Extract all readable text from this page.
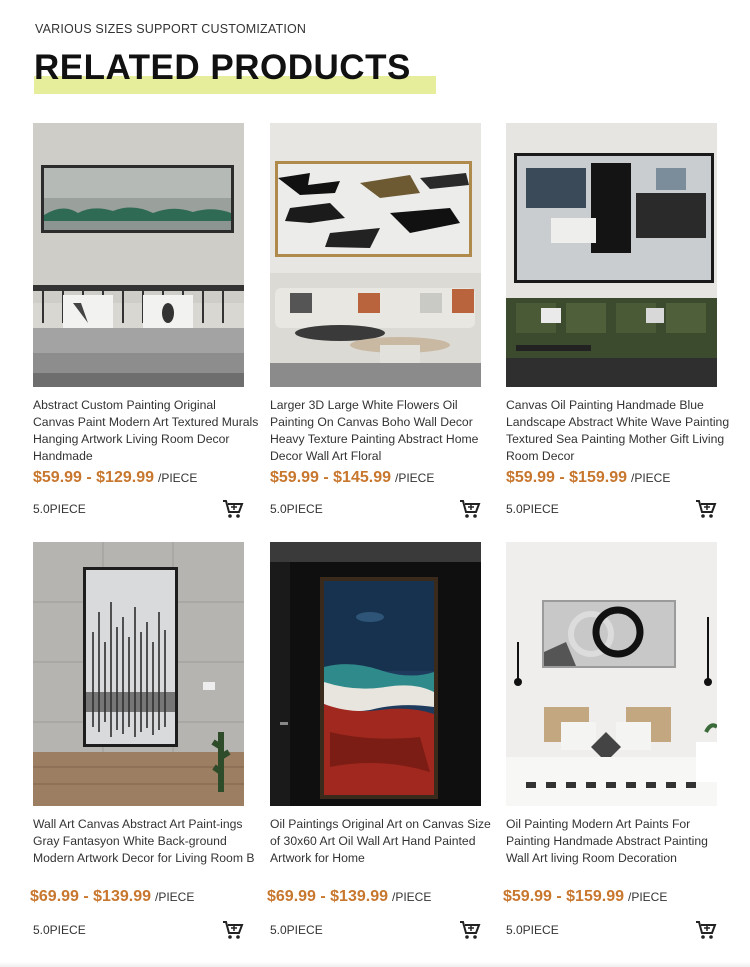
VARIOUS SIZES SUPPORT CUSTOMIZATION
RELATED PRODUCTS
Abstract Custom Painting Original Canvas Paint Modern Art Textured Murals Hanging Artwork Living Room Decor Handmade
$59.99 - $129.99 /PIECE
5.0PIECE
Larger 3D Large White Flowers Oil Painting On Canvas Boho Wall Decor Heavy Texture Painting Abstract Home Decor Wall Art Floral
$59.99 - $145.99 /PIECE
5.0PIECE
Canvas Oil Painting Handmade Blue Landscape Abstract White Wave Painting Textured Sea Painting Mother Gift Living Room Decor
$59.99 - $159.99 /PIECE
5.0PIECE
Wall Art Canvas Abstract Art Paint-ings Gray Fantasyon White Back-ground Modern Artwork Decor for Living Room B
$69.99 - $139.99 /PIECE
5.0PIECE
Oil Paintings Original Art on Canvas Size of 30x60 Art Oil Wall Art Hand Painted Artwork for Home
$69.99 - $139.99 /PIECE
5.0PIECE
Oil Painting Modern Art Paints For Painting Handmade Abstract Painting Wall Art living Room Decoration
$59.99 - $159.99 /PIECE
5.0PIECE
